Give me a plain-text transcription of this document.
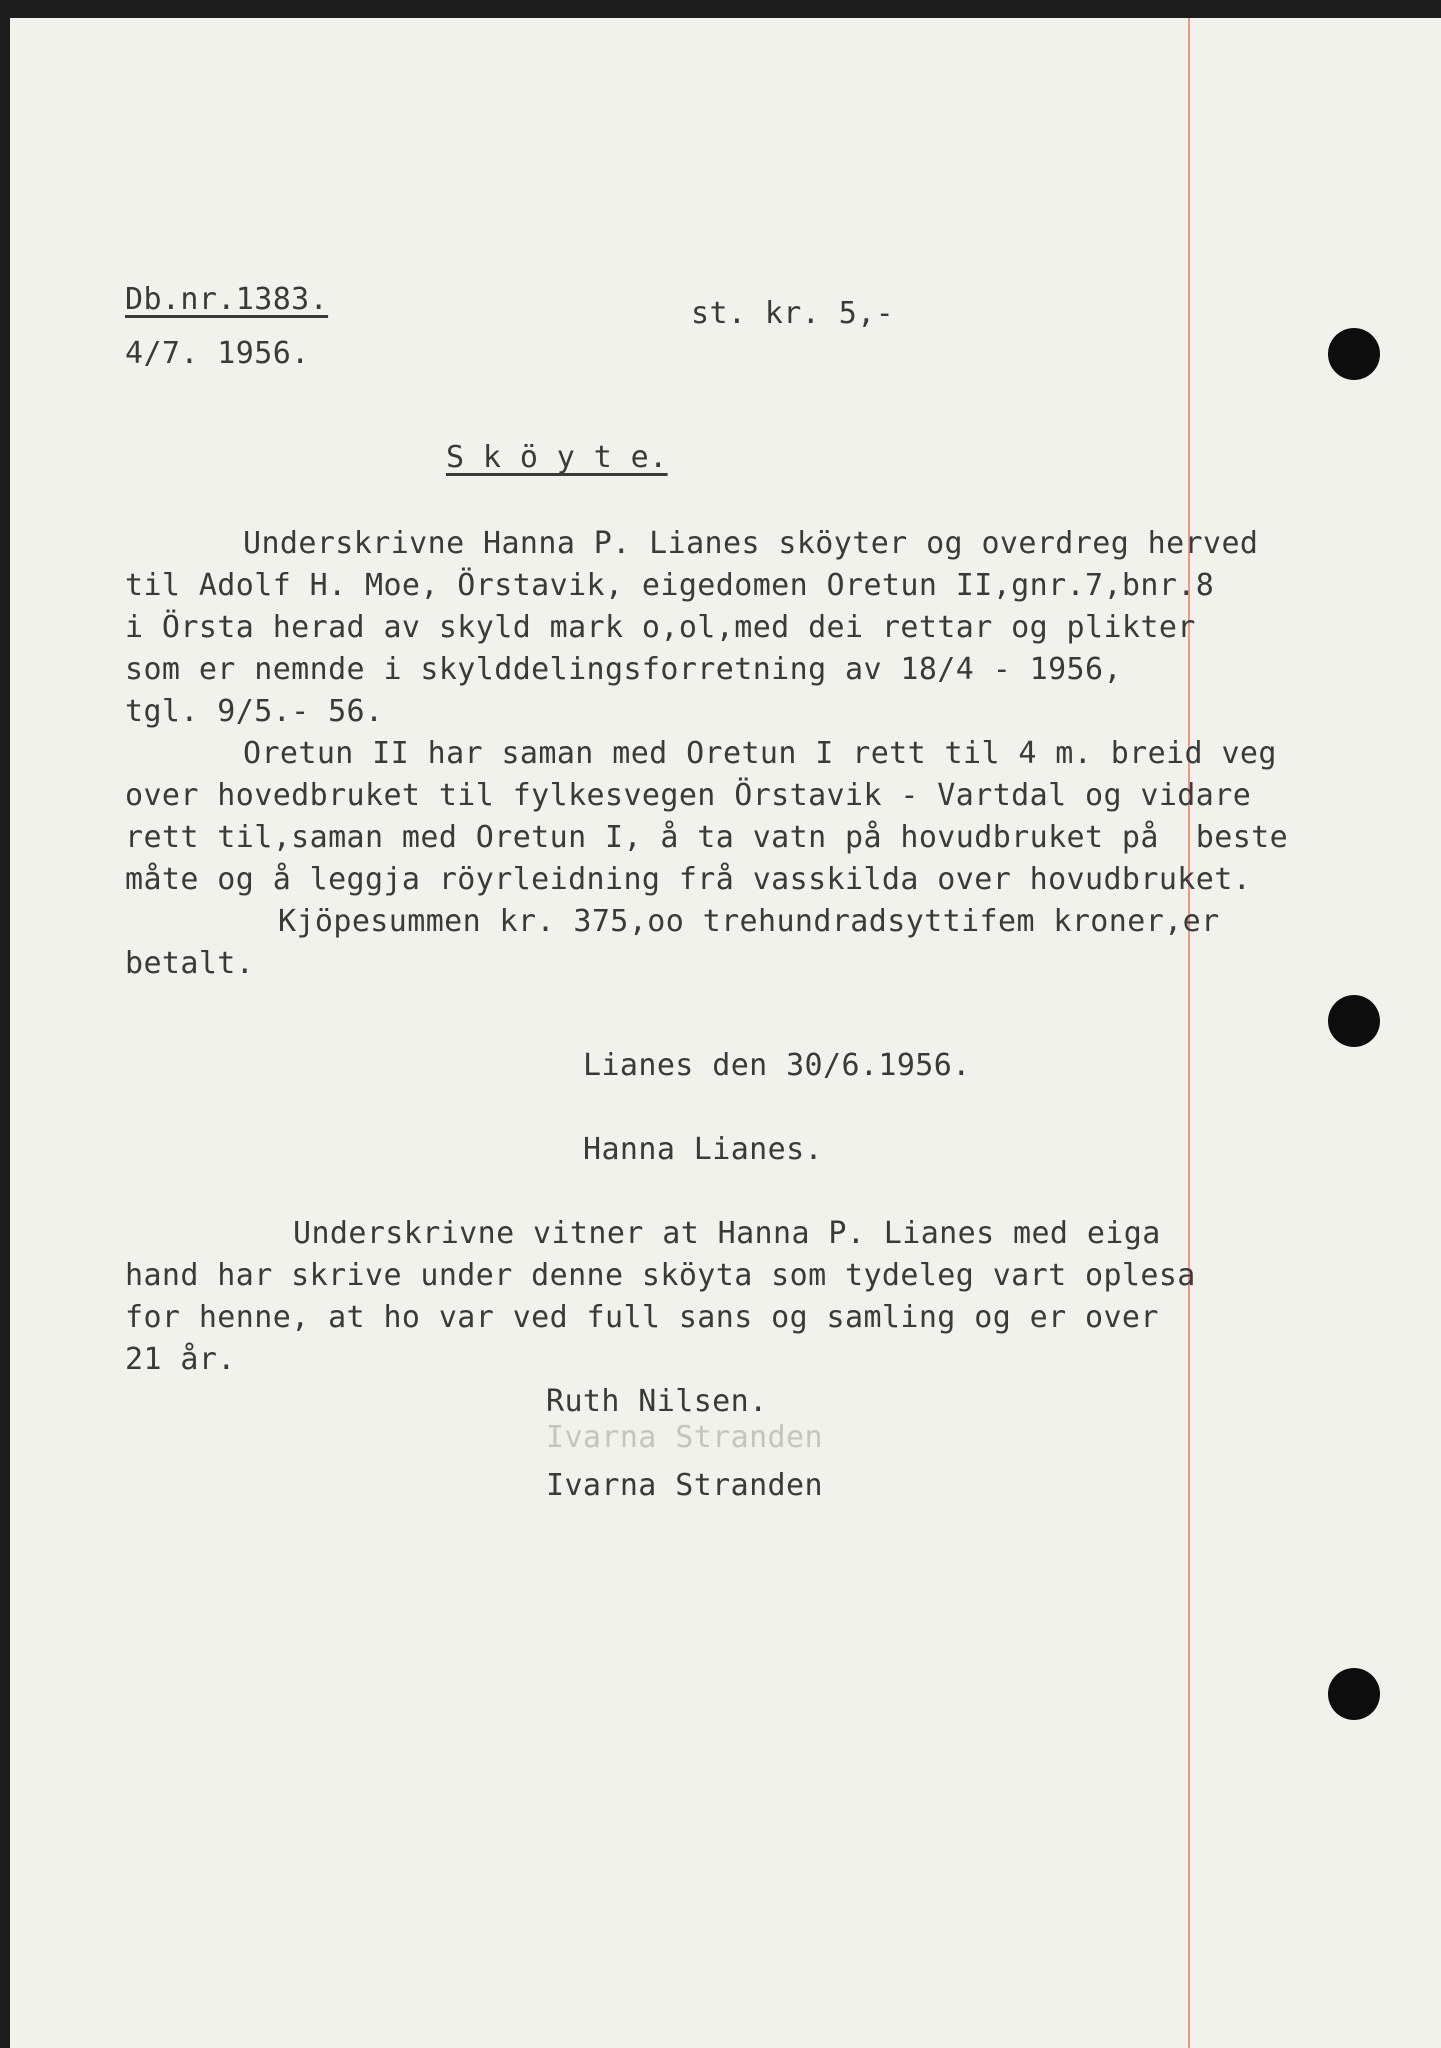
Db.nr.1383.

4/7. 1956.

st. kr. 5,-

S k ö y t e.

Underskrivne Hanna P. Lianes sköyter og overdreg herved

til Adolf H. Moe, Örstavik, eigedomen Oretun II,gnr.7,bnr.8

i Örsta herad av skyld mark o,ol,med dei rettar og plikter

som er nemnde i skylddelingsforretning av 18/4 - 1956,

tgl. 9/5.- 56.

Oretun II har saman med Oretun I rett til 4 m. breid veg

over hovedbruket til fylkesvegen Örstavik - Vartdal og vidare

rett til,saman med Oretun I, å ta vatn på hovudbruket på  beste

måte og å leggja röyrleidning frå vasskilda over hovudbruket.

Kjöpesummen kr. 375,oo trehundradsyttifem kroner,er

betalt.

Lianes den 30/6.1956.

Hanna Lianes.

Underskrivne vitner at Hanna P. Lianes med eiga

hand har skrive under denne sköyta som tydeleg vart oplesa

for henne, at ho var ved full sans og samling og er over

21 år.

Ruth Nilsen.

Ivarna Stranden

Ivarna Stranden
